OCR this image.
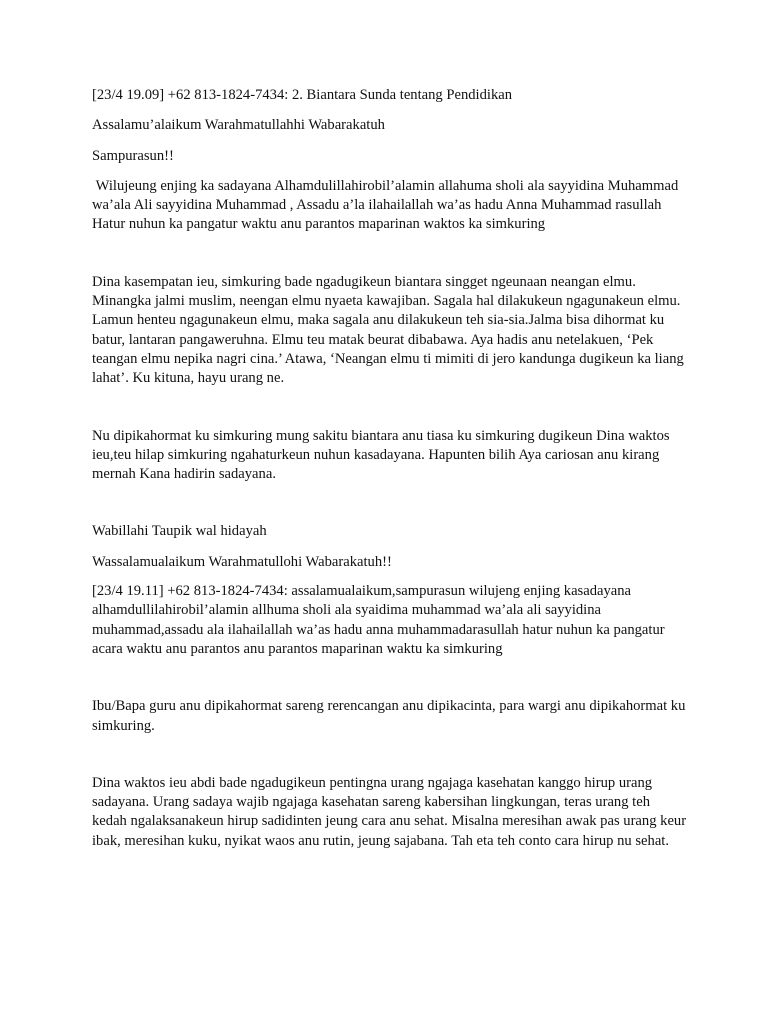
[23/4 19.09] +62 813-1824-7434: 2. Biantara Sunda tentang Pendidikan

Assalamu’alaikum Warahmatullahhi Wabarakatuh

Sampurasun!!

Wilujeung enjing ka sadayana Alhamdulillahirobil’alamin allahuma sholi ala sayyidina Muhammad  wa’ala Ali sayyidina Muhammad , Assadu a’la ilahailallah wa’as hadu Anna Muhammad rasullah Hatur nuhun ka pangatur waktu anu parantos maparinan waktos ka simkuring

Dina kasempatan ieu, simkuring bade ngadugikeun biantara singget ngeunaan neangan elmu. Minangka jalmi muslim, neengan elmu nyaeta kawajiban. Sagala hal dilakukeun ngagunakeun elmu. Lamun henteu ngagunakeun elmu, maka sagala anu dilakukeun teh sia-sia.Jalma bisa dihormat ku batur, lantaran pangaweruhna. Elmu teu matak beurat dibabawa. Aya hadis anu netelakuen, ‘Pek teangan elmu nepika nagri cina.’ Atawa, ‘Neangan elmu ti mimiti di jero kandunga dugikeun ka liang lahat’. Ku kituna, hayu urang ne.

Nu dipikahormat ku simkuring mung sakitu biantara anu tiasa ku simkuring dugikeun Dina waktos ieu,teu hilap simkuring ngahaturkeun nuhun kasadayana. Hapunten bilih Aya cariosan anu kirang mernah Kana hadirin sadayana.

Wabillahi Taupik wal hidayah

Wassalamualaikum Warahmatullohi Wabarakatuh!!

[23/4 19.11] +62 813-1824-7434: assalamualaikum,sampurasun wilujeng enjing kasadayana alhamdullilahirobil’alamin allhuma sholi ala syaidima muhammad wa’ala ali sayyidina muhammad,assadu ala ilahailallah wa’as hadu anna muhammadarasullah hatur nuhun ka pangatur acara waktu anu parantos anu parantos maparinan waktu ka simkuring

Ibu/Bapa guru anu dipikahormat sareng rerencangan anu dipikacinta, para wargi anu dipikahormat ku simkuring.

Dina waktos ieu abdi bade ngadugikeun pentingna urang ngajaga kasehatan kanggo hirup urang sadayana. Urang sadaya wajib ngajaga kasehatan sareng kabersihan lingkungan, teras urang teh kedah ngalaksanakeun hirup sadidinten jeung cara anu sehat. Misalna meresihan awak pas urang keur ibak, meresihan kuku, nyikat waos anu rutin, jeung sajabana. Tah eta teh conto cara hirup nu sehat.
